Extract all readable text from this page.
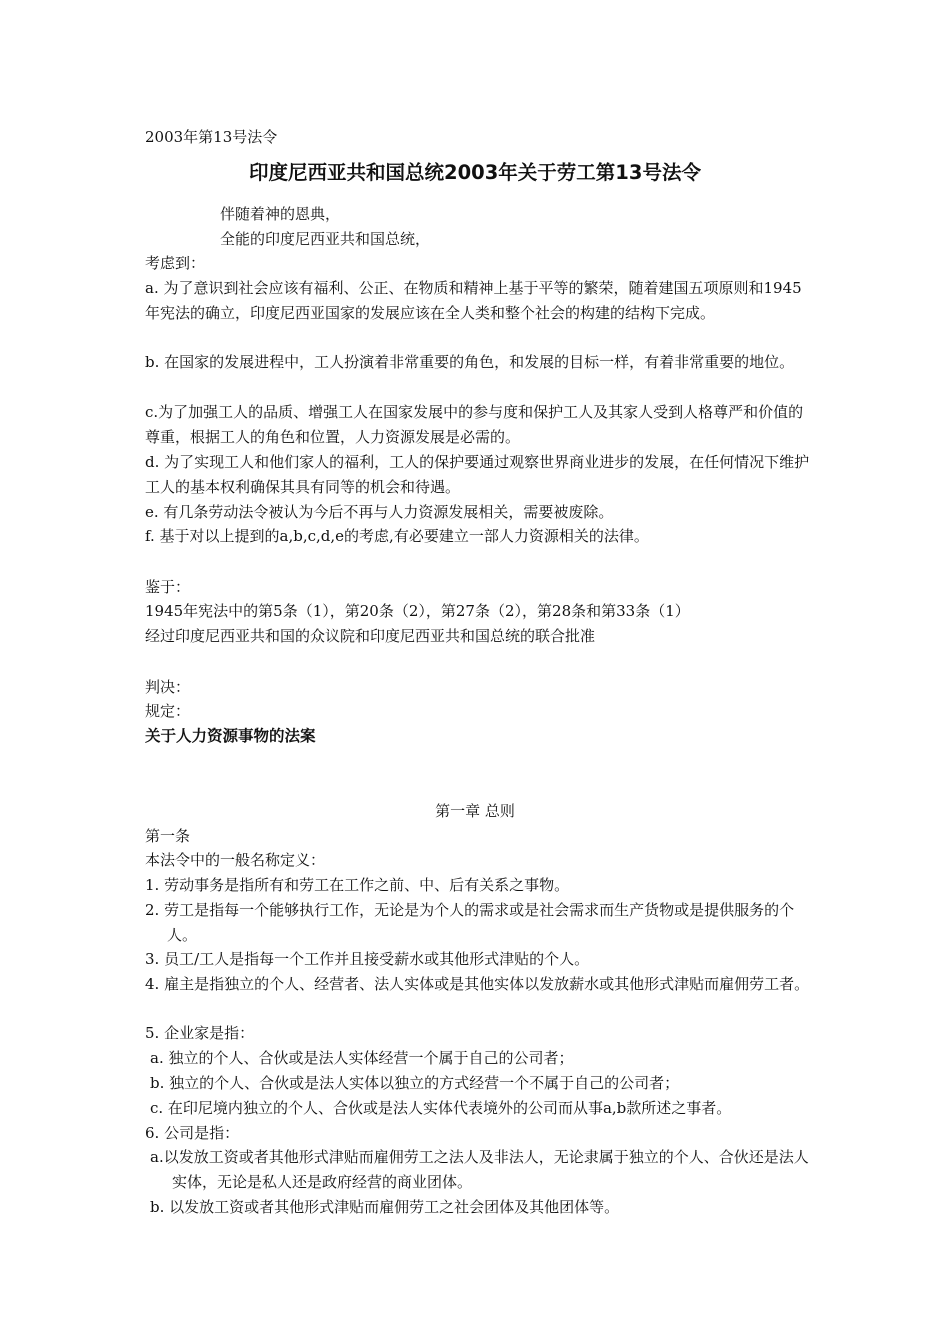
2003年第13号法令
印度尼西亚共和国总统2003年关于劳工第13号法令
伴随着神的恩典，
全能的印度尼西亚共和国总统，
考虑到：
a. 为了意识到社会应该有福利、公正、在物质和精神上基于平等的繁荣，随着建国五项原则和1945年宪法的确立，印度尼西亚国家的发展应该在全人类和整个社会的构建的结构下完成。
b. 在国家的发展进程中，工人扮演着非常重要的角色，和发展的目标一样，有着非常重要的地位。
c.为了加强工人的品质、增强工人在国家发展中的参与度和保护工人及其家人受到人格尊严和价值的尊重，根据工人的角色和位置，人力资源发展是必需的。
d. 为了实现工人和他们家人的福利，工人的保护要通过观察世界商业进步的发展，在任何情况下维护工人的基本权利确保其具有同等的机会和待遇。
e. 有几条劳动法令被认为今后不再与人力资源发展相关，需要被废除。
f. 基于对以上提到的a,b,c,d,e的考虑,有必要建立一部人力资源相关的法律。
鉴于：
1945年宪法中的第5条（1），第20条（2），第27条（2），第28条和第33条（1）
经过印度尼西亚共和国的众议院和印度尼西亚共和国总统的联合批准
判决：
规定：
关于人力资源事物的法案
第一章 总则
第一条
本法令中的一般名称定义：
1. 劳动事务是指所有和劳工在工作之前、中、后有关系之事物。
2. 劳工是指每一个能够执行工作，无论是为个人的需求或是社会需求而生产货物或是提供服务的个人。
3. 员工/工人是指每一个工作并且接受薪水或其他形式津贴的个人。
4. 雇主是指独立的个人、经营者、法人实体或是其他实体以发放薪水或其他形式津贴而雇佣劳工者。
5. 企业家是指：
a. 独立的个人、合伙或是法人实体经营一个属于自己的公司者；
b. 独立的个人、合伙或是法人实体以独立的方式经营一个不属于自己的公司者；
c. 在印尼境内独立的个人、合伙或是法人实体代表境外的公司而从事a,b款所述之事者。
6. 公司是指：
a.以发放工资或者其他形式津贴而雇佣劳工之法人及非法人，无论隶属于独立的个人、合伙还是法人实体，无论是私人还是政府经营的商业团体。
b. 以发放工资或者其他形式津贴而雇佣劳工之社会团体及其他团体等。
